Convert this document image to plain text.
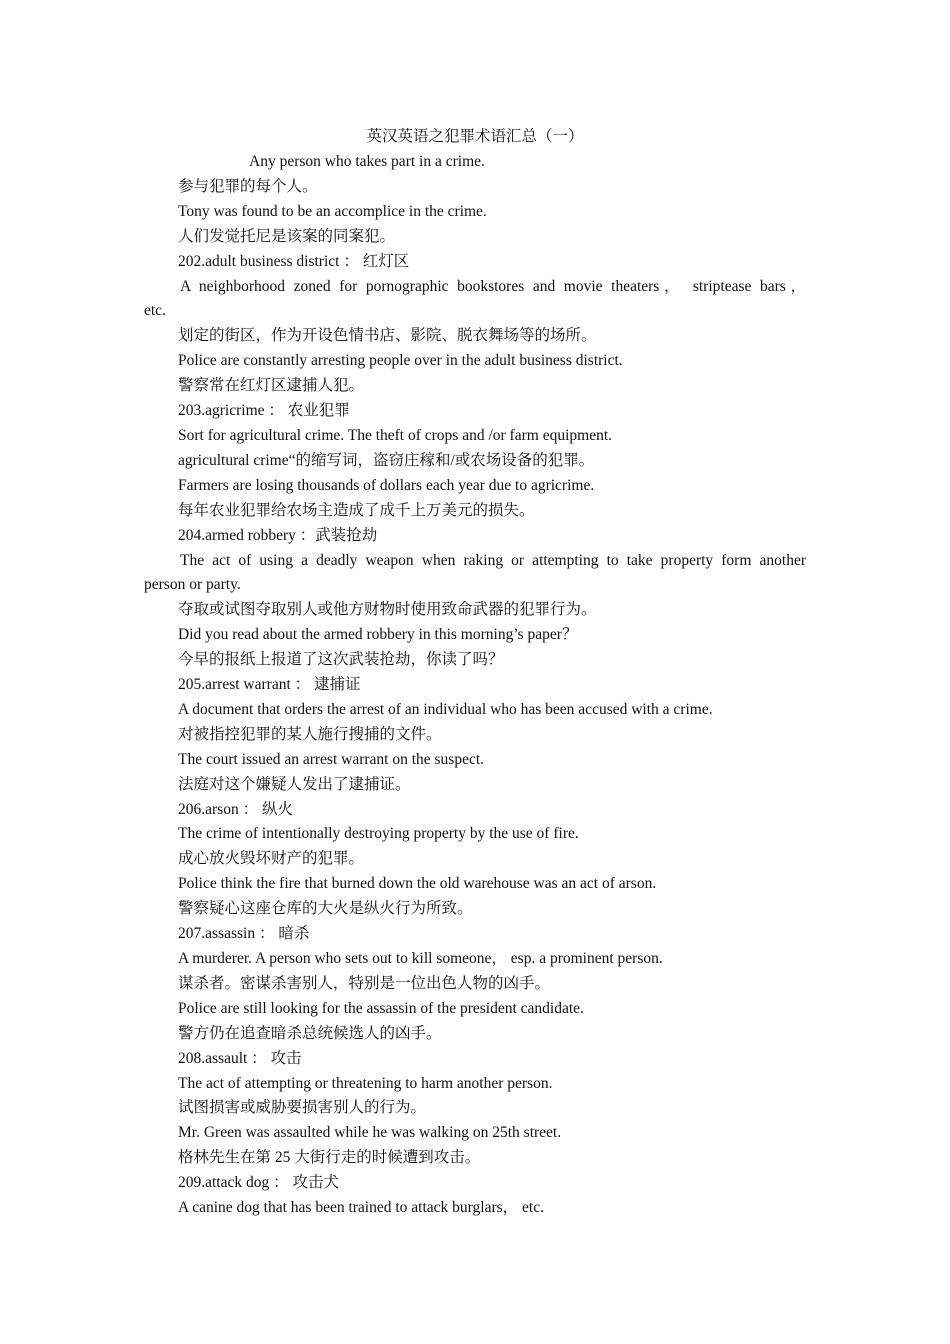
英汉英语之犯罪术语汇总（一）
Any person who takes part in a crime.
参与犯罪的每个人。
Tony was found to be an accomplice in the crime.
人们发觉托尼是该案的同案犯。
202.adult business district ： 红灯区
A neighborhood zoned for pornographic bookstores and movie theaters， striptease bars，
etc.
划定的街区，作为开设色情书店、影院、脱衣舞场等的场所。
Police are constantly arresting people over in the adult business district.
警察常在红灯区逮捕人犯。
203.agricrime ： 农业犯罪
Sort for agricultural crime. The theft of crops and /or farm equipment.
agricultural crime“的缩写词，盗窃庄稼和/或农场设备的犯罪。
Farmers are losing thousands of dollars each year due to agricrime.
每年农业犯罪给农场主造成了成千上万美元的损失。
204.armed robbery ：武装抢劫
The act of using a deadly weapon when raking or attempting to take property form another
person or party.
夺取或试图夺取别人或他方财物时使用致命武器的犯罪行为。
Did you read about the armed robbery in this morning’s paper？
今早的报纸上报道了这次武装抢劫，你读了吗？
205.arrest warrant ： 逮捕证
A document that orders the arrest of an individual who has been accused with a crime.
对被指控犯罪的某人施行搜捕的文件。
The court issued an arrest warrant on the suspect.
法庭对这个嫌疑人发出了逮捕证。
206.arson ： 纵火
The crime of intentionally destroying property by the use of fire.
成心放火毁坏财产的犯罪。
Police think the fire that burned down the old warehouse was an act of arson.
警察疑心这座仓库的大火是纵火行为所致。
207.assassin ： 暗杀
A murderer. A person who sets out to kill someone， esp. a prominent person.
谋杀者。密谋杀害别人，特别是一位出色人物的凶手。
Police are still looking for the assassin of the president candidate.
警方仍在追查暗杀总统候选人的凶手。
208.assault ： 攻击
The act of attempting or threatening to harm another person.
试图损害或威胁要损害别人的行为。
Mr. Green was assaulted while he was walking on 25th street.
格林先生在第 25 大街行走的时候遭到攻击。
209.attack dog ： 攻击犬
A canine dog that has been trained to attack burglars， etc.
